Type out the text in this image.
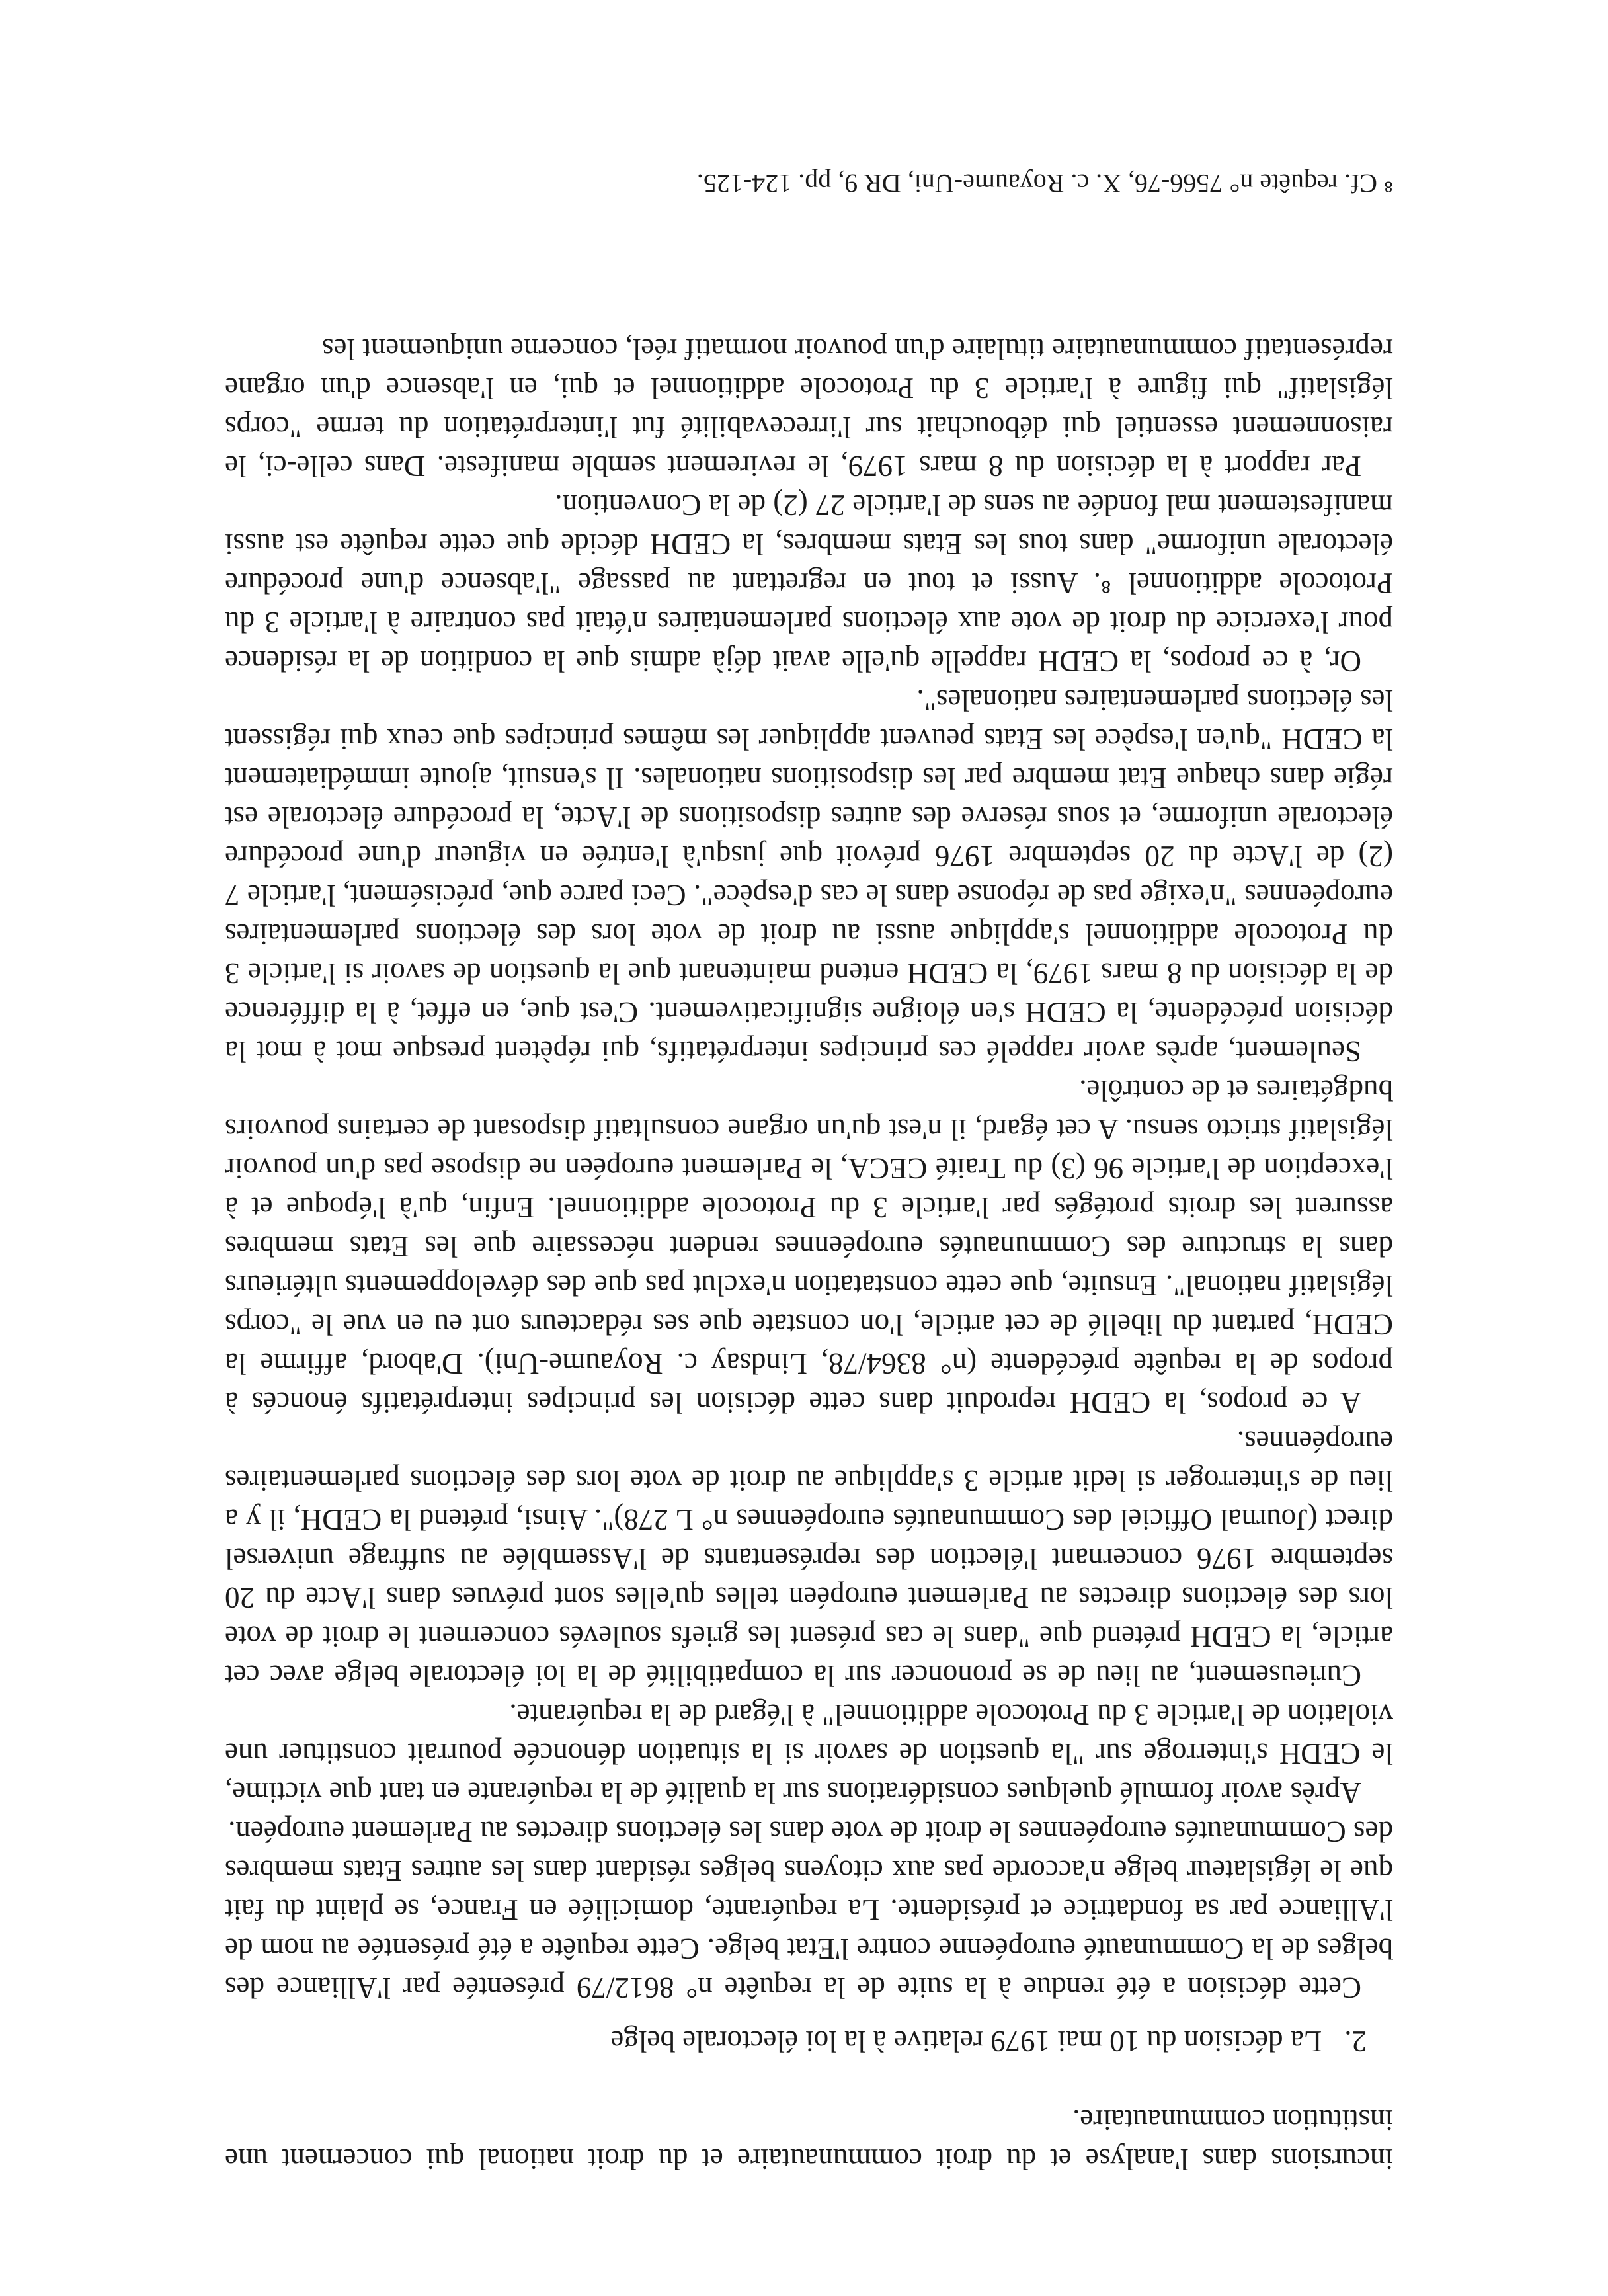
incursions dans l'analyse et du droit communautaire et du droit national qui concernent une institution communautaire.

2.La décision du 10 mai 1979 relative à la loi électorale belge

Cette décision a été rendue à la suite de la requête n° 8612/79 présentée par l'Alliance des belges de la Communauté européenne contre l'Etat belge. Cette requête a été présentée au nom de l'Alliance par sa fondatrice et présidente. La requérante, domiciliée en France, se plaint du fait que le législateur belge n'accorde pas aux citoyens belges résidant dans les autres Etats membres des Communautés européennes le droit de vote dans les élections directes au Parlement européen.

Après avoir formulé quelques considérations sur la qualité de la requérante en tant que victime, le CEDH s'interroge sur "la question de savoir si la situation dénoncée pourrait constituer une violation de l'article 3 du Protocole additionnel" à l'égard de la requérante.

Curieusement, au lieu de se prononcer sur la compatibilité de la loi électorale belge avec cet article, la CEDH prétend que "dans le cas présent les griefs soulevés concernent le droit de vote lors des élections directes au Parlement européen telles qu'elles sont prévues dans l'Acte du 20 septembre 1976 concernant l'élection des représentants de l'Assemblée au suffrage universel direct (Journal Officiel des Communautés européennes n° L 278)". Ainsi, prétend la CEDH, il y a lieu de s'interroger si ledit article 3 s'applique au droit de vote lors des élections parlementaires européennes.

A ce propos, la CEDH reproduit dans cette décision les principes interprétatifs énoncés à propos de la requête précédente (n° 8364/78, Lindsay c. Royaume-Uni). D'abord, affirme la CEDH, partant du libellé de cet article, l'on constate que ses rédacteurs ont eu en vue le "corps législatif national". Ensuite, que cette constatation n'exclut pas que des développements ultérieurs dans la structure des Communautés européennes rendent nécessaire que les Etats membres assurent les droits protégés par l'article 3 du Protocole additionnel. Enfin, qu'à l'époque et à l'exception de l'article 96 (3) du Traité CECA, le Parlement européen ne dispose pas d'un pouvoir législatif stricto sensu. A cet égard, il n'est qu'un organe consultatif disposant de certains pouvoirs budgétaires et de contrôle.

Seulement, après avoir rappelé ces principes interprétatifs, qui répètent presque mot à mot la décision précédente, la CEDH s'en éloigne significativement. C'est que, en effet, à la différence de la décision du 8 mars 1979, la CEDH entend maintenant que la question de savoir si l'article 3 du Protocole additionnel s'applique aussi au droit de vote lors des élections parlementaires européennes "n'exige pas de réponse dans le cas d'espèce". Ceci parce que, précisément, l'article 7 (2) de l'Acte du 20 septembre 1976 prévoit que jusqu'à l'entrée en vigueur d'une procédure électorale uniforme, et sous réserve des autres dispositions de l'Acte, la procédure électorale est régie dans chaque Etat membre par les dispositions nationales. Il s'ensuit, ajoute immédiatement la CEDH "qu'en l'espèce les Etats peuvent appliquer les mêmes principes que ceux qui régissent les élections parlementaires nationales".

Or, à ce propos, la CEDH rappelle qu'elle avait déjà admis que la condition de la résidence pour l'exercice du droit de vote aux élections parlementaires n'était pas contraire à l'article 3 du Protocole additionnel ⁸. Aussi et tout en regrettant au passage "l'absence d'une procédure électorale uniforme" dans tous les Etats membres, la CEDH décide que cette requête est aussi manifestement mal fondée au sens de l'article 27 (2) de la Convention.

Par rapport à la décision du 8 mars 1979, le revirement semble manifeste. Dans celle-ci, le raisonnement essentiel qui débouchait sur l'irrecevabilité fut l'interprétation du terme "corps législatif" qui figure à l'article 3 du Protocole additionnel et qui, en l'absence d'un organe représentatif communautaire titulaire d'un pouvoir normatif réel, concerne uniquement les

⁸ Cf. requête n° 7566-76, X. c. Royaume-Uni, DR 9, pp. 124-125.
